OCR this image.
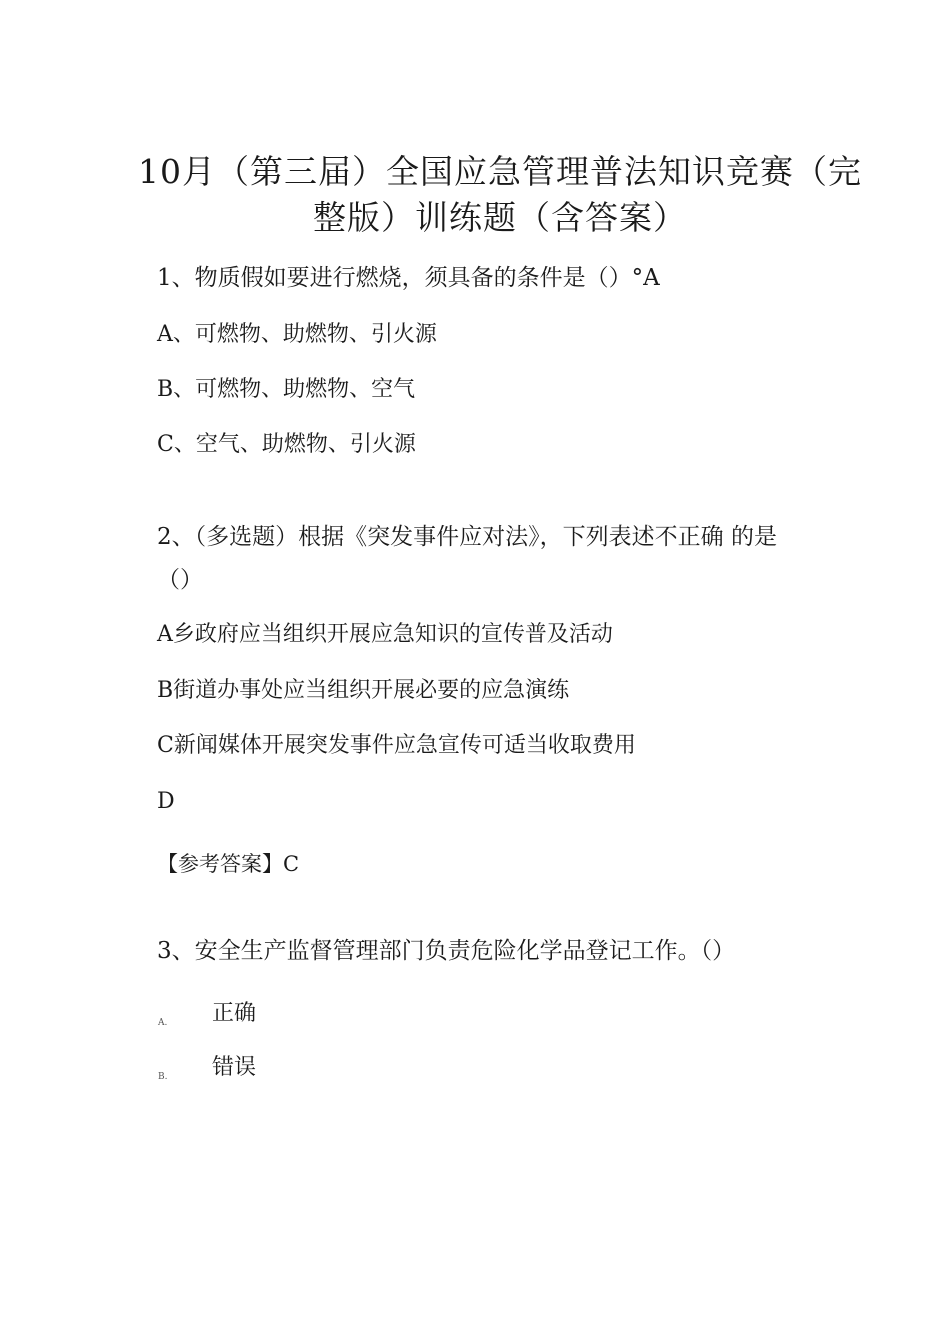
10月（第三届）全国应急管理普法知识竞赛（完
整版）训练题（含答案）
1、物质假如要进行燃烧，须具备的条件是（）°A
A、可燃物、助燃物、引火源
B、可燃物、助燃物、空气
C、空气、助燃物、引火源
2、（多选题）根据《突发事件应对法》，下列表述不正确 的是
（）
A乡政府应当组织开展应急知识的宣传普及活动
B街道办事处应当组织开展必要的应急演练
C新闻媒体开展突发事件应急宣传可适当收取费用
D
【参考答案】C
3、安全生产监督管理部门负责危险化学品登记工作。（）
A. 正确
B. 错误
